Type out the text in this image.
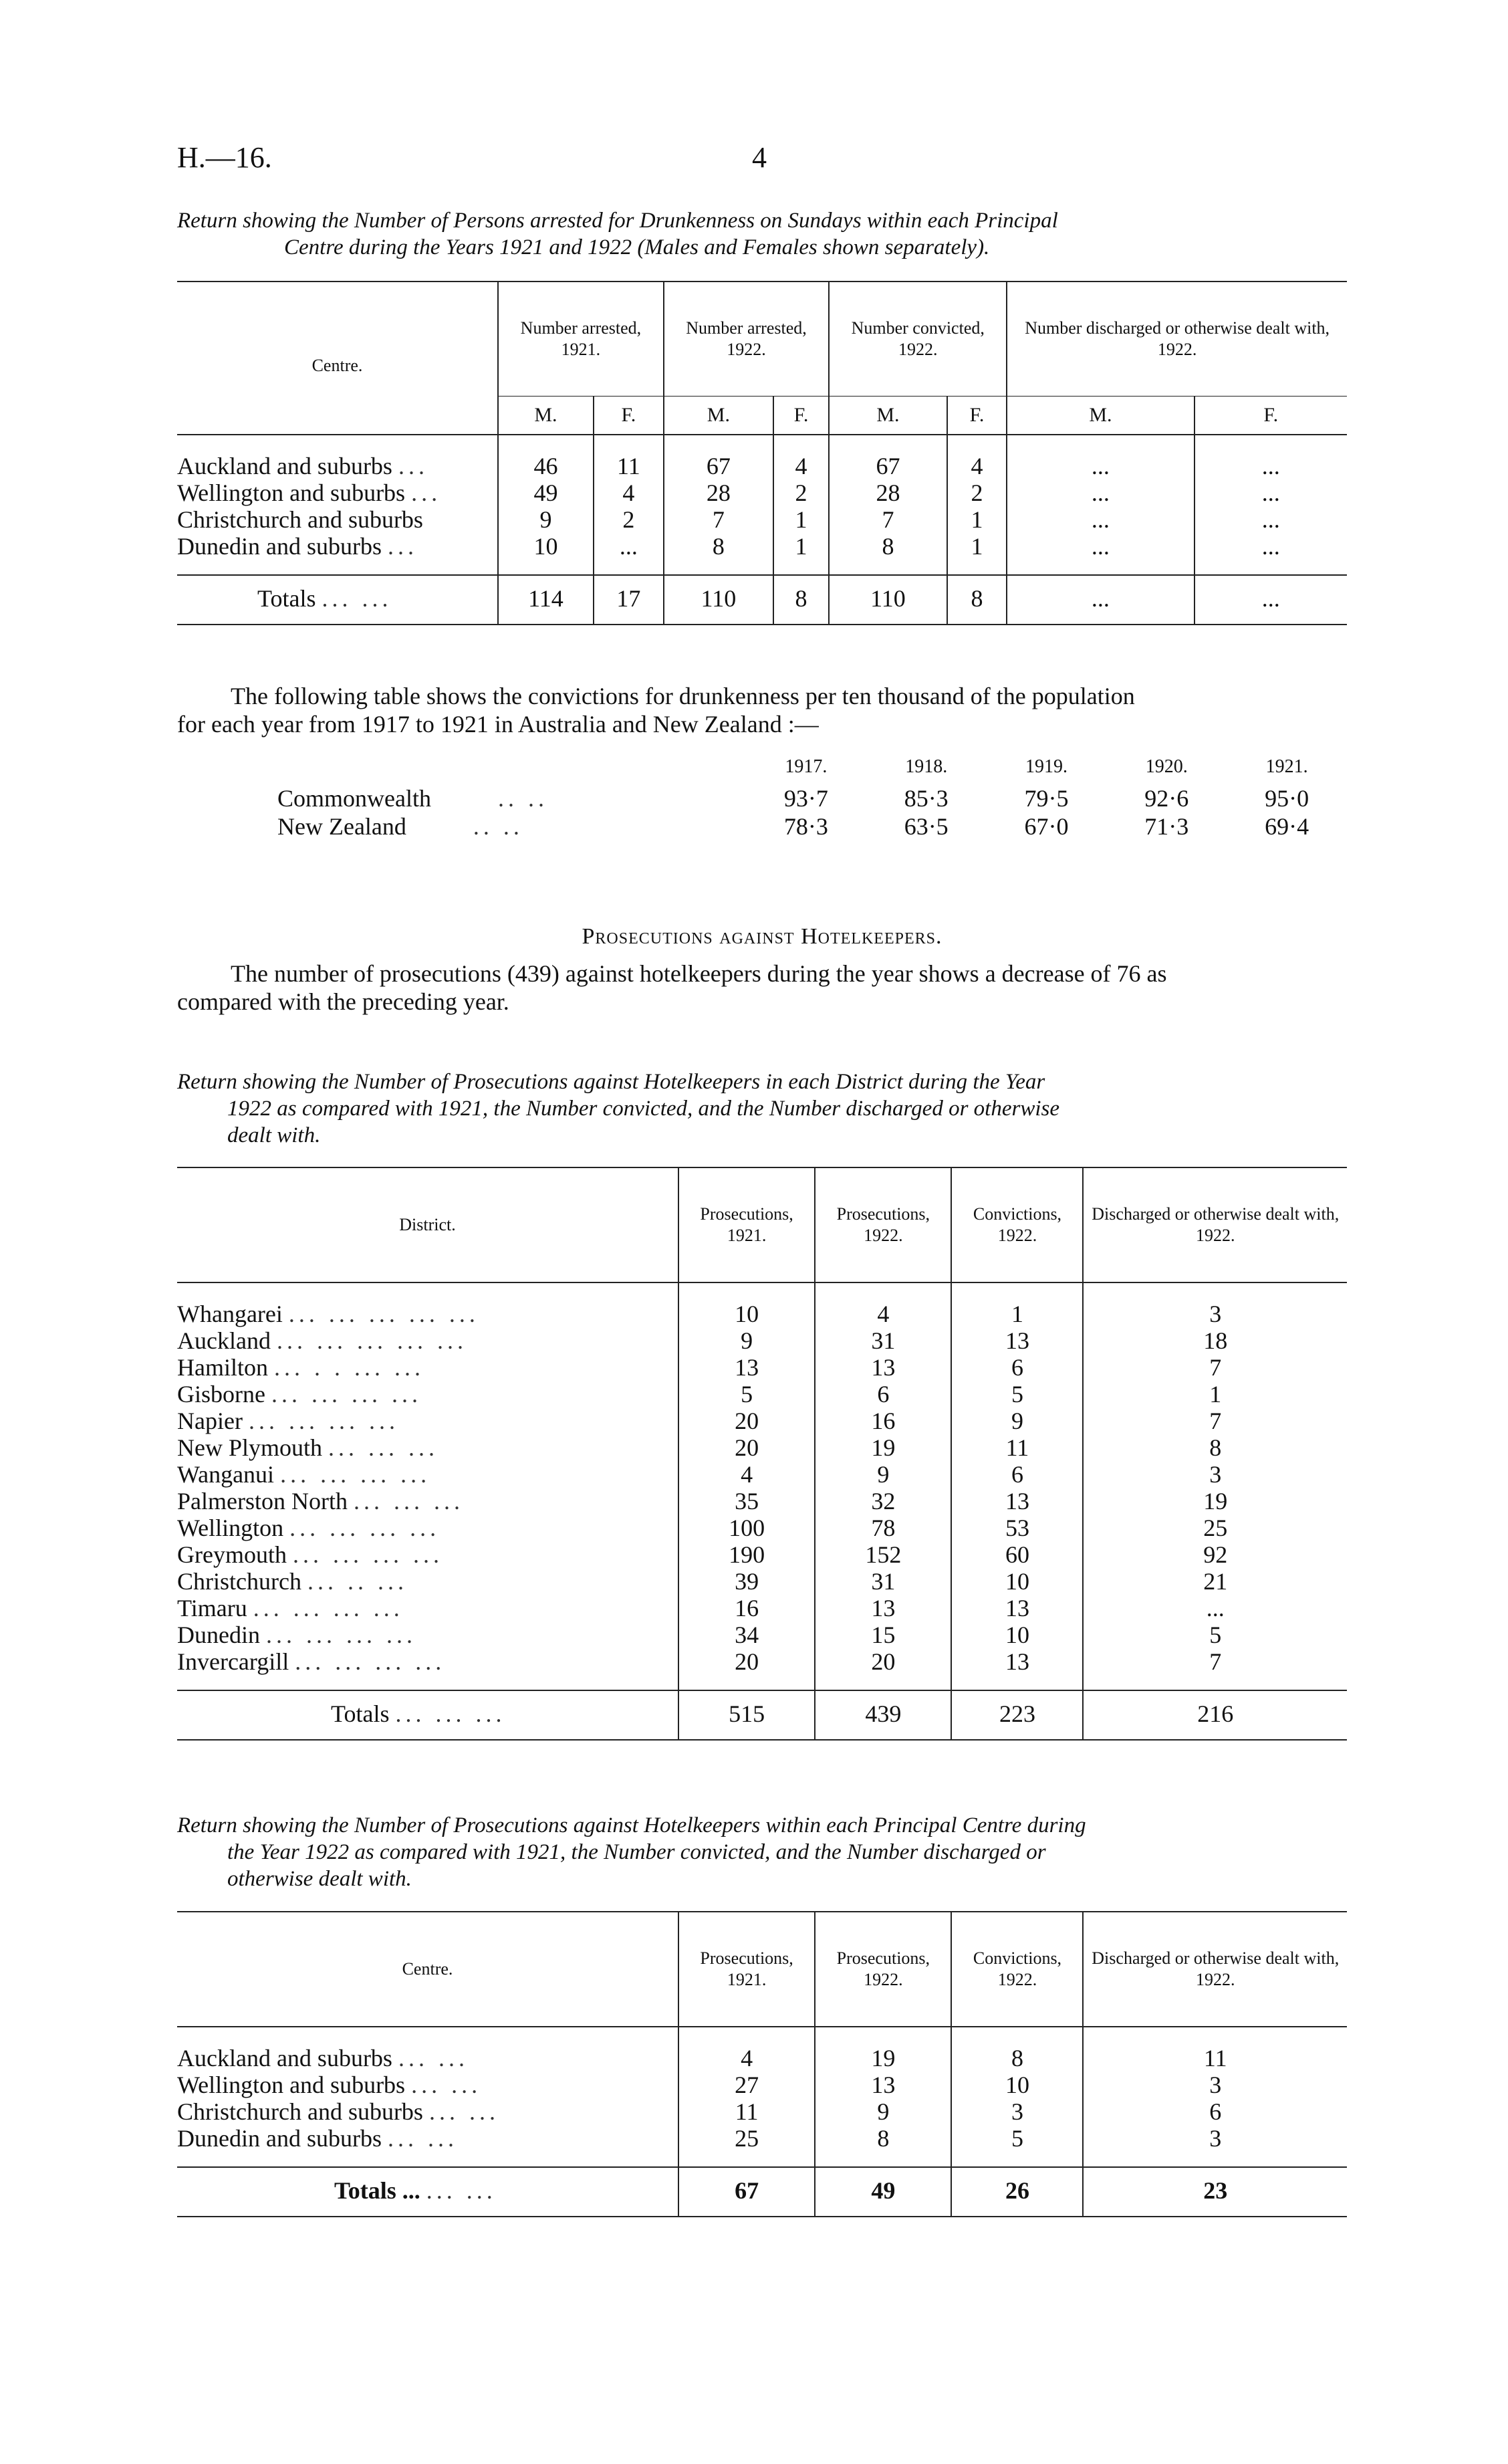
H.—16.	4
Return showing the Number of Persons arrested for Drunkenness on Sundays within each Principal
Centre during the Years 1921 and 1922 (Males and Females shown separately).
Centre.	Number arrested, 1921.		Number arrested, 1922.		Number convicted, 1922.		Number discharged or otherwise dealt with, 1922.	
	M.	F.	M.	F.	M.	F.	M.	F.
Auckland and suburbs ...	46	11	67	4	67	4	...	...
Wellington and suburbs ...	49	4	28	2	28	2	...	...
Christchurch and suburbs	9	2	7	1	7	1	...	...
Dunedin and suburbs ...	10	...	8	1	8	1	...	...
Totals ... ...	114	17	110	8	110	8	...	...
The following table shows the convictions for drunkenness per ten thousand of the population
for each year from 1917 to 1921 in Australia and New Zealand :—
	1917.	1918.	1919.	1920.	1921.
Commonwealth .. ..	93·7	85·3	79·5	92·6	95·0
New Zealand .. ..	78·3	63·5	67·0	71·3	69·4
Prosecutions against Hotelkeepers.
The number of prosecutions (439) against hotelkeepers during the year shows a decrease of 76 as
compared with the preceding year.
Return showing the Number of Prosecutions against Hotelkeepers in each District during the Year
1922 as compared with 1921, the Number convicted, and the Number discharged or otherwise
dealt with.
District.	Prosecutions, 1921.	Prosecutions, 1922.	Convictions, 1922.	Discharged or otherwise dealt with, 1922.
Whangarei ... ... ... ... ...	10	4	1	3
Auckland ... ... ... ... ...	9	31	13	18
Hamilton ... . . ... ...	13	13	6	7
Gisborne ... ... ... ...	5	6	5	1
Napier ... ... ... ...	20	16	9	7
New Plymouth ... ... ...	20	19	11	8
Wanganui ... ... ... ...	4	9	6	3
Palmerston North ... ... ...	35	32	13	19
Wellington ... ... ... ...	100	78	53	25
Greymouth ... ... ... ...	190	152	60	92
Christchurch ... .. ...	39	31	10	21
Timaru ... ... ... ...	16	13	13	...
Dunedin ... ... ... ...	34	15	10	5
Invercargill ... ... ... ...	20	20	13	7
Totals ... ... ...	515	439	223	216
Return showing the Number of Prosecutions against Hotelkeepers within each Principal Centre during
the Year 1922 as compared with 1921, the Number convicted, and the Number discharged or
otherwise dealt with.
Centre.	Prosecutions, 1921.	Prosecutions, 1922.	Convictions, 1922.	Discharged or otherwise dealt with, 1922.
Auckland and suburbs ... ...	4	19	8	11
Wellington and suburbs ... ...	27	13	10	3
Christchurch and suburbs ... ...	11	9	3	6
Dunedin and suburbs ... ...	25	8	5	3
Totals ... ... ...	67	49	26	23
